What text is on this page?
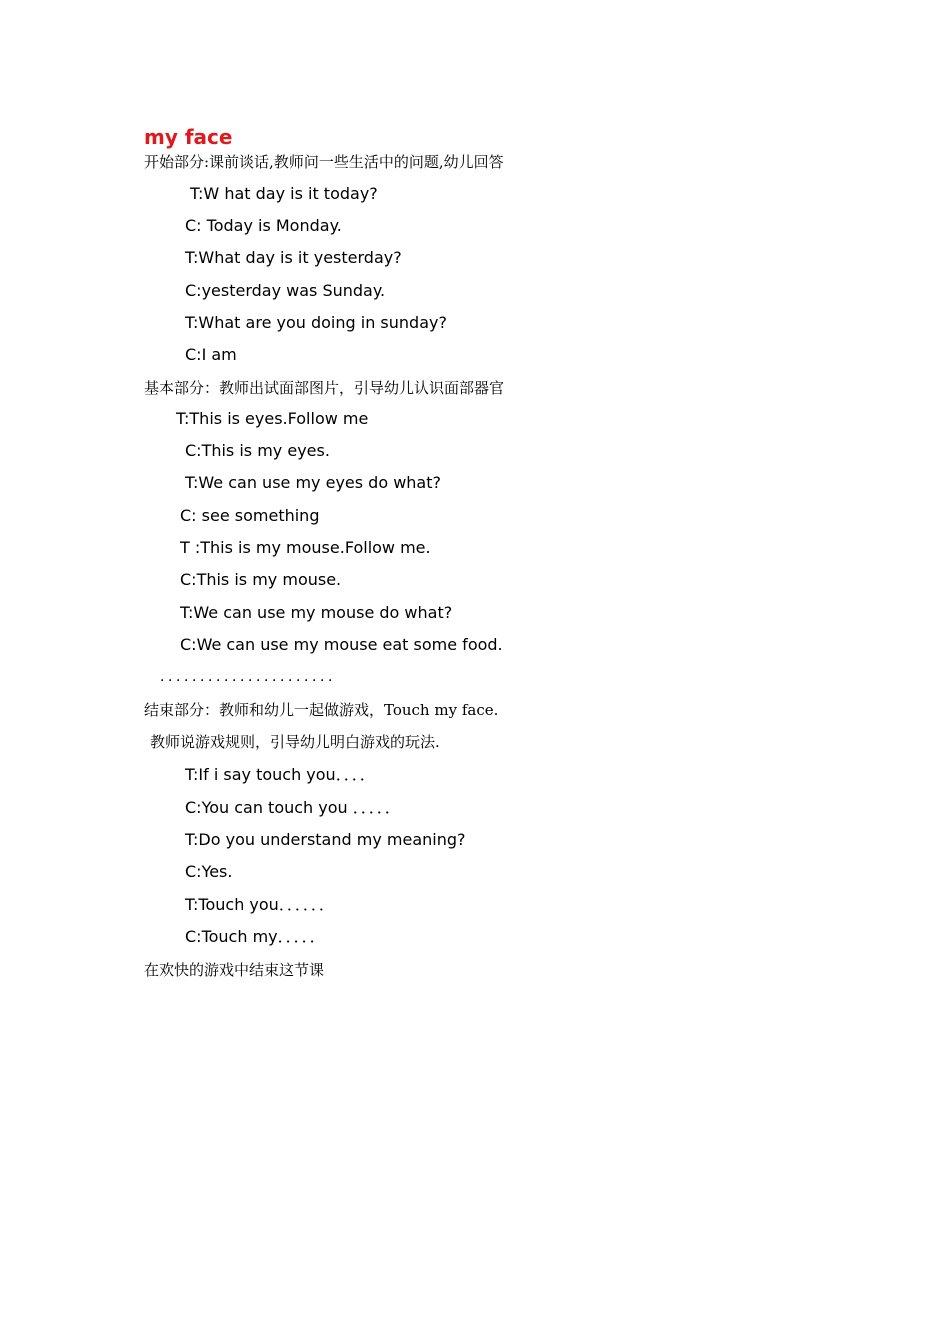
my face
开始部分:课前谈话,教师问一些生活中的问题,幼儿回答
T:W hat day is it today?
C: Today is Monday.
T:What day is it yesterday?
C:yesterday was Sunday.
T:What are you doing in sunday?
C:I am
基本部分：教师出试面部图片，引导幼儿认识面部器官
T:This is eyes.Follow me
C:This is my eyes.
T:We can use my eyes do what?
C: see something
T :This is my mouse.Follow me.
C:This is my mouse.
T:We can use my mouse do what?
C:We can use my mouse eat some food.
．．．．．．．．．．．．．．．．．．．．．．
结束部分：教师和幼儿一起做游戏，Touch my face.
教师说游戏规则，引导幼儿明白游戏的玩法.
T:If i say touch you．．．．
C:You can touch you ．．．．．
T:Do you understand my meaning?
C:Yes.
T:Touch you．．．．．．
C:Touch my．．．．．
在欢快的游戏中结束这节课
